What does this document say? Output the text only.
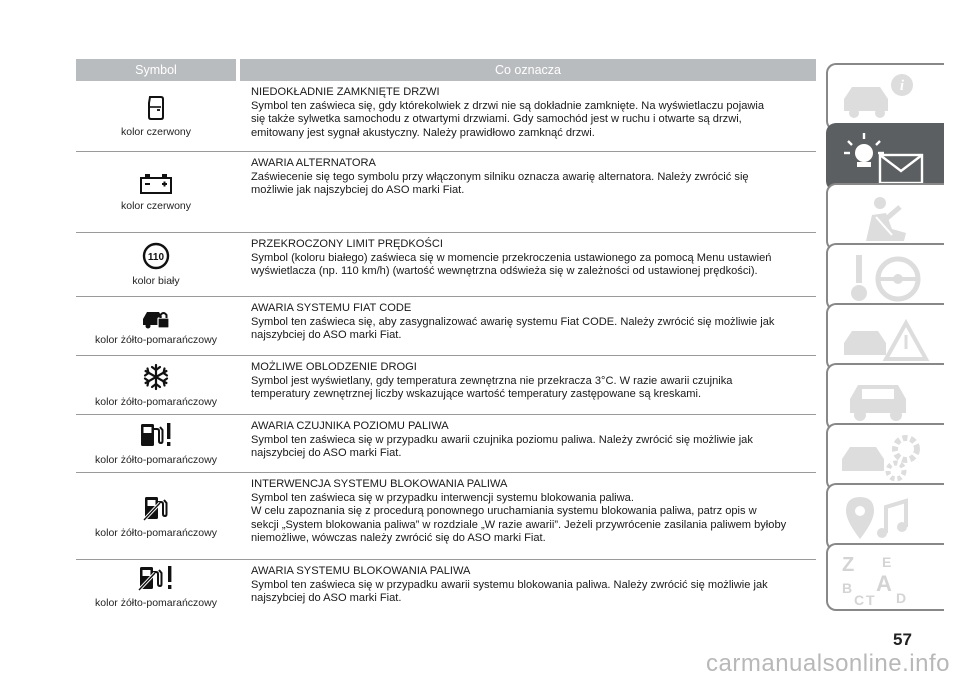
Symbol	Co oznacza
kolor czerwony
NIEDOKŁADNIE ZAMKNIĘTE DRZWI
Symbol ten zaświeca się, gdy którekolwiek z drzwi nie są dokładnie zamknięte. Na wyświetlaczu pojawia
się także sylwetka samochodu z otwartymi drzwiami. Gdy samochód jest w ruchu i otwarte są drzwi,
emitowany jest sygnał akustyczny. Należy prawidłowo zamknąć drzwi.
kolor czerwony
AWARIA ALTERNATORA
Zaświecenie się tego symbolu przy włączonym silniku oznacza awarię alternatora. Należy zwrócić się
możliwie jak najszybciej do ASO marki Fiat.
110
kolor biały
PRZEKROCZONY LIMIT PRĘDKOŚCI
Symbol (koloru białego) zaświeca się w momencie przekroczenia ustawionego za pomocą Menu ustawień
wyświetlacza (np. 110 km/h) (wartość wewnętrzna odświeża się w zależności od ustawionej prędkości).
kolor żółto-pomarańczowy
AWARIA SYSTEMU FIAT CODE
Symbol ten zaświeca się, aby zasygnalizować awarię systemu Fiat CODE. Należy zwrócić się możliwie jak
najszybciej do ASO marki Fiat.
kolor żółto-pomarańczowy
MOŻLIWE OBLODZENIE DROGI
Symbol jest wyświetlany, gdy temperatura zewnętrzna nie przekracza 3°C. W razie awarii czujnika
temperatury zewnętrznej liczby wskazujące wartość temperatury zastępowane są kreskami.
kolor żółto-pomarańczowy
AWARIA CZUJNIKA POZIOMU PALIWA
Symbol ten zaświeca się w przypadku awarii czujnika poziomu paliwa. Należy zwrócić się możliwie jak
najszybciej do ASO marki Fiat.
kolor żółto-pomarańczowy
INTERWENCJA SYSTEMU BLOKOWANIA PALIWA
Symbol ten zaświeca się w przypadku interwencji systemu blokowania paliwa.
W celu zapoznania się z procedurą ponownego uruchamiania systemu blokowania paliwa, patrz opis w
sekcji „System blokowania paliwa” w rozdziale „W razie awarii”. Jeżeli przywrócenie zasilania paliwem byłoby
niemożliwe, wówczas należy zwrócić się do ASO marki Fiat.
kolor żółto-pomarańczowy
AWARIA SYSTEMU BLOKOWANIA PALIWA
Symbol ten zaświeca się w przypadku awarii systemu blokowania paliwa. Należy zwrócić się możliwie jak
najszybciej do ASO marki Fiat.
i
Z E
B A
C T D
57
carmanualsonline.info
